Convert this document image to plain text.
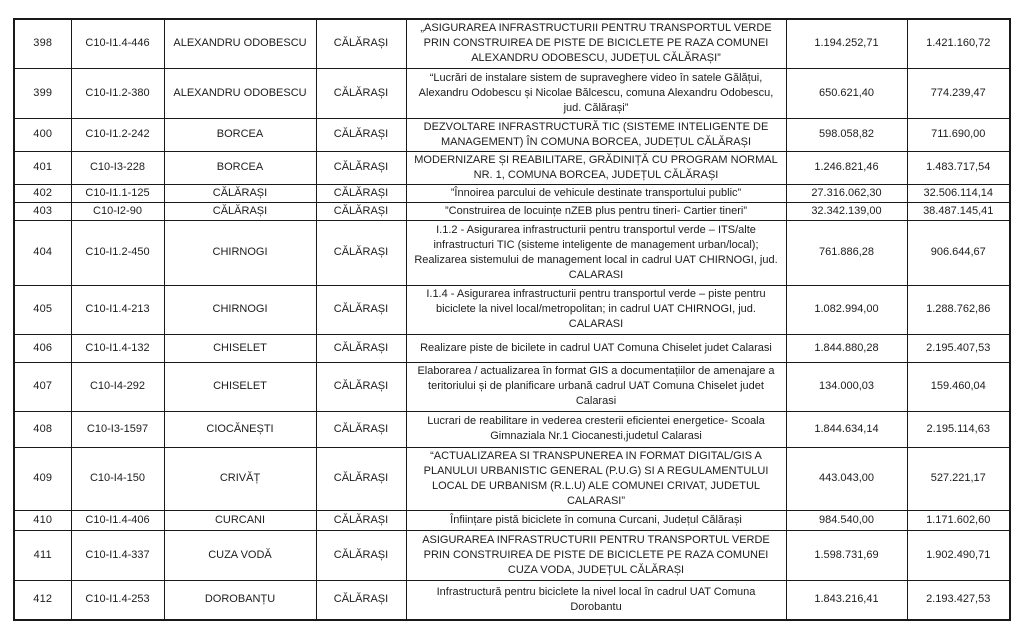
398	C10-I1.4-446	ALEXANDRU ODOBESCU	CĂLĂRAȘI	„ASIGURAREA INFRASTRUCTURII PENTRU TRANSPORTUL VERDE PRIN CONSTRUIREA DE PISTE DE BICICLETE PE RAZA COMUNEI ALEXANDRU ODOBESCU, JUDEȚUL CĂLĂRAȘI”	1.194.252,71	1.421.160,72
399	C10-I1.2-380	ALEXANDRU ODOBESCU	CĂLĂRAȘI	“Lucrări de instalare sistem de supraveghere video în satele Gălățui, Alexandru Odobescu și Nicolae Bălcescu, comuna Alexandru Odobescu, jud. Călărași”	650.621,40	774.239,47
400	C10-I1.2-242	BORCEA	CĂLĂRAȘI	DEZVOLTARE INFRASTRUCTURĂ TIC (SISTEME INTELIGENTE DE MANAGEMENT) ÎN COMUNA BORCEA, JUDEȚUL CĂLĂRAȘI	598.058,82	711.690,00
401	C10-I3-228	BORCEA	CĂLĂRAȘI	MODERNIZARE ȘI REABILITARE, GRĂDINIȚĂ CU PROGRAM NORMAL NR. 1, COMUNA BORCEA, JUDEȚUL CĂLĂRAȘI	1.246.821,46	1.483.717,54
402	C10-I1.1-125	CĂLĂRAȘI	CĂLĂRAȘI	”Înnoirea parcului de vehicule destinate transportului public”	27.316.062,30	32.506.114,14
403	C10-I2-90	CĂLĂRAȘI	CĂLĂRAȘI	”Construirea de locuințe nZEB plus pentru tineri- Cartier tineri”	32.342.139,00	38.487.145,41
404	C10-I1.2-450	CHIRNOGI	CĂLĂRAȘI	I.1.2 - Asigurarea infrastructurii pentru transportul verde – ITS/alte infrastructuri TIC (sisteme inteligente de management urban/local); Realizarea sistemului de management local in cadrul UAT CHIRNOGI, jud. CALARASI	761.886,28	906.644,67
405	C10-I1.4-213	CHIRNOGI	CĂLĂRAȘI	I.1.4 - Asigurarea infrastructurii pentru transportul verde – piste pentru biciclete la nivel local/metropolitan; in cadrul UAT CHIRNOGI, jud. CALARASI	1.082.994,00	1.288.762,86
406	C10-I1.4-132	CHISELET	CĂLĂRAȘI	Realizare piste de bicilete in cadrul UAT Comuna Chiselet judet Calarasi	1.844.880,28	2.195.407,53
407	C10-I4-292	CHISELET	CĂLĂRAȘI	Elaborarea / actualizarea în format GIS a documentațiilor de amenajare a teritoriului și de planificare urbană cadrul UAT Comuna Chiselet judet Calarasi	134.000,03	159.460,04
408	C10-I3-1597	CIOCĂNEȘTI	CĂLĂRAȘI	Lucrari de reabilitare in vederea cresterii eficientei energetice- Scoala Gimnaziala Nr.1 Ciocanesti,judetul Calarasi	1.844.634,14	2.195.114,63
409	C10-I4-150	CRIVĂȚ	CĂLĂRAȘI	“ACTUALIZAREA SI TRANSPUNEREA IN FORMAT DIGITAL/GIS A PLANULUI URBANISTIC GENERAL (P.U.G) SI A REGULAMENTULUI LOCAL DE URBANISM (R.L.U) ALE COMUNEI CRIVAT, JUDETUL CALARASI”	443.043,00	527.221,17
410	C10-I1.4-406	CURCANI	CĂLĂRAȘI	Înființare pistă biciclete în comuna Curcani, Județul Călărași	984.540,00	1.171.602,60
411	C10-I1.4-337	CUZA VODĂ	CĂLĂRAȘI	ASIGURAREA INFRASTRUCTURII PENTRU TRANSPORTUL VERDE PRIN CONSTRUIREA DE PISTE DE BICICLETE PE RAZA COMUNEI CUZA VODA, JUDEȚUL CĂLĂRAȘI	1.598.731,69	1.902.490,71
412	C10-I1.4-253	DOROBANȚU	CĂLĂRAȘI	Infrastructură pentru biciclete la nivel local în cadrul UAT Comuna Dorobantu	1.843.216,41	2.193.427,53
